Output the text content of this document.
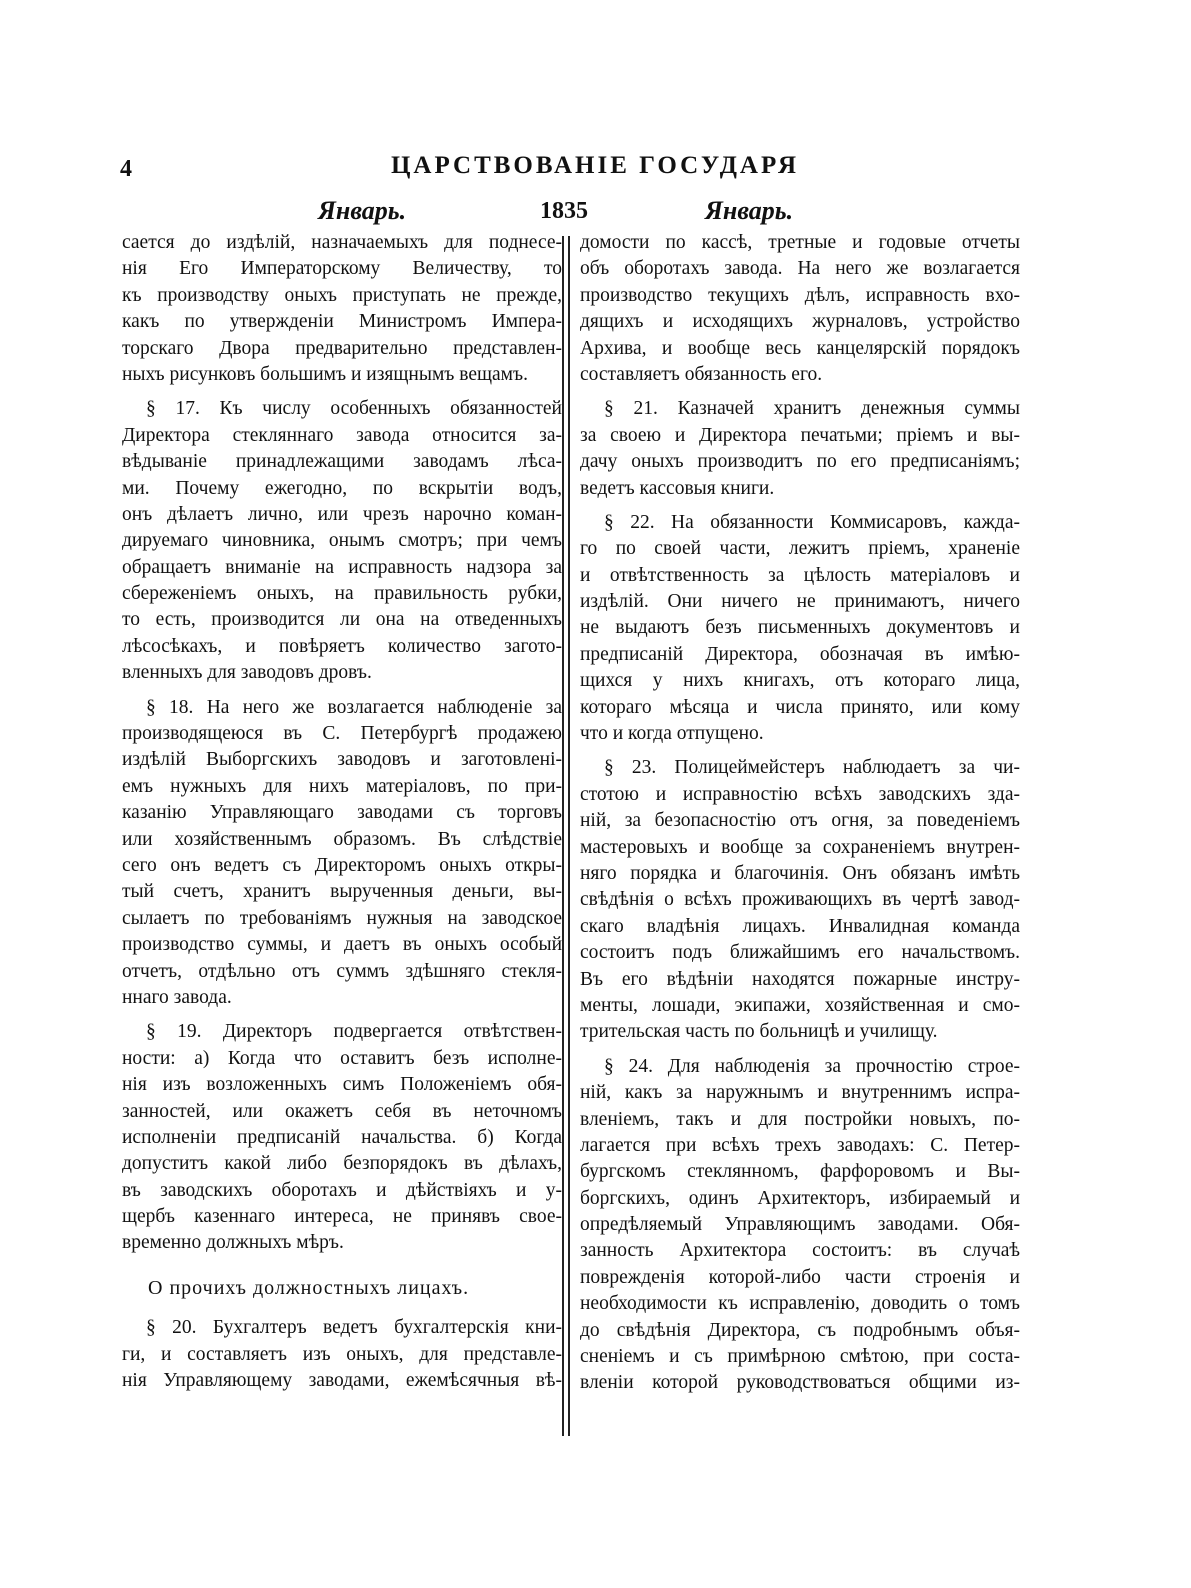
4	ЦАРСТВОВАНІЕ ГОСУДАРЯ
Январь.	1835	Январь.
сается до издѣлій, назначаемыхъ для поднесе-
нія Его Императорскому Величеству, то
къ производству оныхъ приступать не прежде,
какъ по утвержденіи Министромъ Импера-
торскаго Двора предварительно представлен-
ныхъ рисунковъ большимъ и изящнымъ вещамъ.
§ 17. Къ числу особенныхъ обязанностей
Директора стекляннаго завода относится за-
вѣдываніе принадлежащими заводамъ лѣса-
ми. Почему ежегодно, по вскрытіи водъ,
онъ дѣлаетъ лично, или чрезъ нарочно коман-
дируемаго чиновника, онымъ смотръ; при чемъ
обращаетъ вниманіе на исправность надзора за
сбереженіемъ оныхъ, на правильность рубки,
то есть, производится ли она на отведенныхъ
лѣсосѣкахъ, и повѣряетъ количество загото-
вленныхъ для заводовъ дровъ.
§ 18. На него же возлагается наблюденіе за
производящеюся въ С. Петербургѣ продажею
издѣлій Выборгскихъ заводовъ и заготовленi-
емъ нужныхъ для нихъ матеріаловъ, по при-
казанію Управляющаго заводами съ торговъ
или хозяйственнымъ образомъ. Въ слѣдствіе
сего онъ ведетъ съ Директоромъ оныхъ откры-
тый счетъ, хранитъ вырученныя деньги, вы-
сылаетъ по требованіямъ нужныя на заводское
производство суммы, и даетъ въ оныхъ особый
отчетъ, отдѣльно отъ суммъ здѣшняго стекля-
ннаго завода.
§ 19. Директоръ подвергается отвѣтствен-
ности: а) Когда что оставитъ безъ исполне-
нія изъ возложенныхъ симъ Положеніемъ обя-
занностей, или окажетъ себя въ неточномъ
исполненіи предписаній начальства. б) Когда
допуститъ какой либо безпорядокъ въ дѣлахъ,
въ заводскихъ оборотахъ и дѣйствіяхъ и у-
щербъ казеннаго интереса, не принявъ свое-
временно должныхъ мѣръ.
О прочихъ должностныхъ лицахъ.
§ 20. Бухгалтеръ ведетъ бухгалтерскія кни-
ги, и составляетъ изъ оныхъ, для представле-
нія Управляющему заводами, ежемѣсячныя вѣ-
домости по кассѣ, третные и годовые отчеты
объ оборотахъ завода. На него же возлагается
производство текущихъ дѣлъ, исправность вхо-
дящихъ и исходящихъ журналовъ, устройство
Архива, и вообще весь канцелярскій порядокъ
составляетъ обязанность его.
§ 21. Казначей хранитъ денежныя суммы
за своею и Директора печатьми; пріемъ и вы-
дачу оныхъ производитъ по его предписаніямъ;
ведетъ кассовыя книги.
§ 22. На обязанности Коммисаровъ, каждa-
го по своей части, лежитъ пріемъ, храненіе
и отвѣтственность за цѣлость матеріаловъ и
издѣлій. Они ничего не принимаютъ, ничего
не выдаютъ безъ письменныхъ документовъ и
предписаній Директора, обозначая въ имѣю-
щихся у нихъ книгахъ, отъ котораго лица,
котораго мѣсяца и числа принято, или кому
что и когда отпущено.
§ 23. Полицеймейстеръ наблюдаетъ за чи-
стотою и исправностію всѣхъ заводскихъ зда-
ній, за безопасностію отъ огня, за поведеніемъ
мастеровыхъ и вообще за сохраненіемъ внутрен-
няго порядка и благочинія. Онъ обязанъ имѣть
свѣдѣнія о всѣхъ проживающихъ въ чертѣ завод-
скаго владѣнія лицахъ. Инвалидная команда
состоитъ подъ ближайшимъ его начальствомъ.
Въ его вѣдѣніи находятся пожарные инстру-
менты, лошади, экипажи, хозяйственная и смо-
трительская часть по больницѣ и училищу.
§ 24. Для наблюденія за прочностію строе-
ній, какъ за наружнымъ и внутреннимъ испра-
вленіемъ, такъ и для постройки новыхъ, по-
лагается при всѣхъ трехъ заводахъ: С. Петер-
бургскомъ стеклянномъ, фарфоровомъ и Вы-
боргскихъ, одинъ Архитекторъ, избираемый и
опредѣляемый Управляющимъ заводами. Обя-
занность Архитектора состоитъ: въ случаѣ
поврежденія которой-либо части строенія и
необходимости къ исправленію, доводить о томъ
до свѣдѣнія Директора, съ подробнымъ объя-
сненіемъ и съ примѣрною смѣтою, при соста-
вленіи которой руководствоваться общими из-
